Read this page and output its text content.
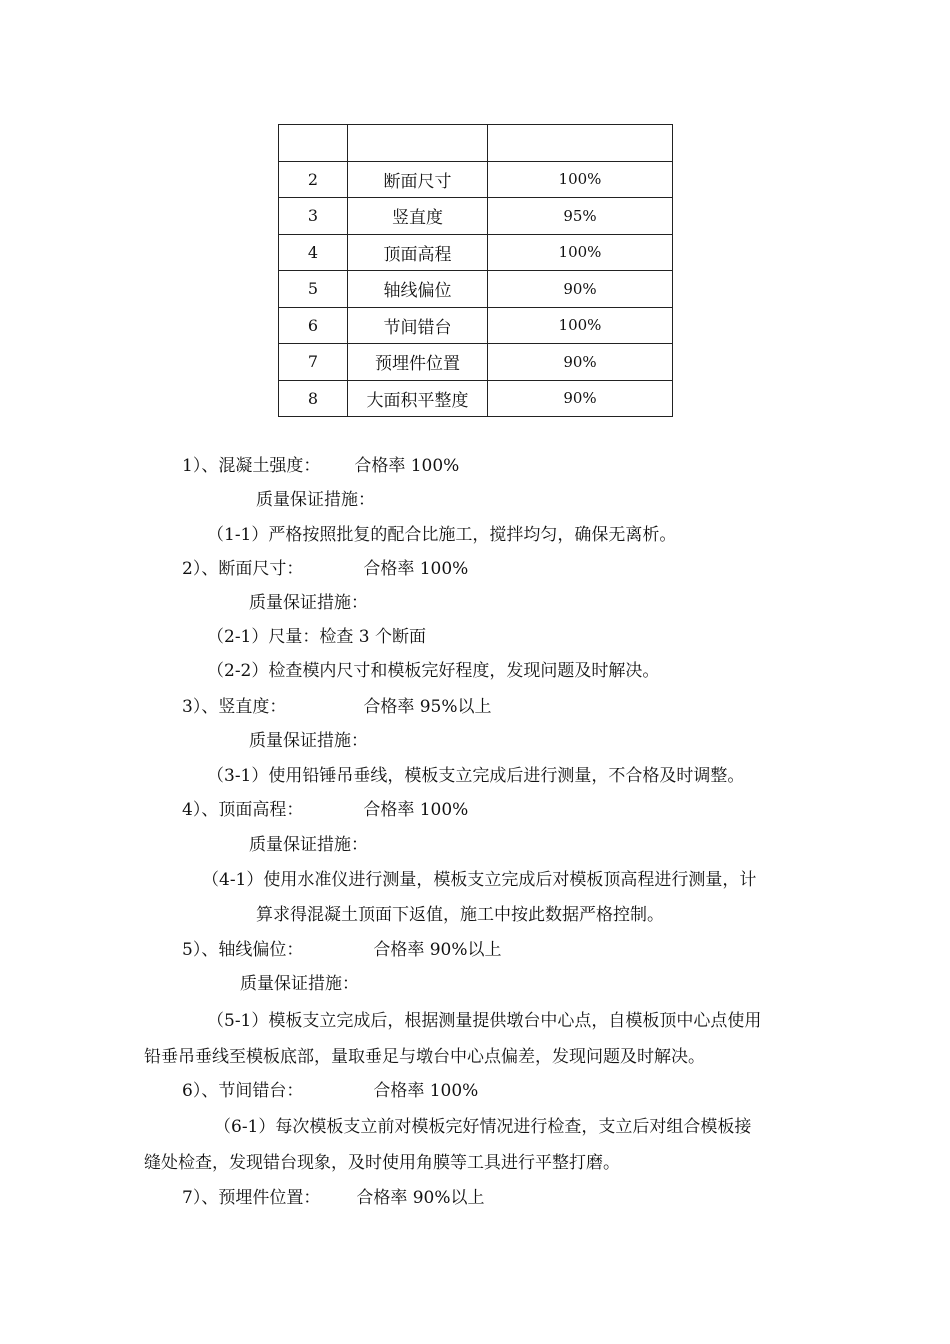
2	断面尺寸	100%
3	竖直度	95%
4	顶面高程	100%
5	轴线偏位	90%
6	节间错台	100%
7	预埋件位置	90%
8	大面积平整度	90%
1）、混凝土强度： 合格率 100%
质量保证措施：
（1-1）严格按照批复的配合比施工，搅拌均匀，确保无离析。
2）、断面尺寸：	合格率 100%
质量保证措施：
（2-1）尺量：检查 3 个断面
（2-2）检查模内尺寸和模板完好程度，发现问题及时解决。
3）、竖直度：	合格率 95%以上
质量保证措施：
（3-1）使用铅锤吊垂线，模板支立完成后进行测量，不合格及时调整。
4）、顶面高程：	合格率 100%
质量保证措施：
（4-1）使用水准仪进行测量，模板支立完成后对模板顶高程进行测量，计
算求得混凝土顶面下返值，施工中按此数据严格控制。
5）、轴线偏位：	合格率 90%以上
质量保证措施：
（5-1）模板支立完成后，根据测量提供墩台中心点，自模板顶中心点使用
铅垂吊垂线至模板底部，量取垂足与墩台中心点偏差，发现问题及时解决。
6）、节间错台：	合格率 100%
（6-1）每次模板支立前对模板完好情况进行检查，支立后对组合模板接
缝处检查，发现错台现象，及时使用角膜等工具进行平整打磨。
7）、预埋件位置： 合格率 90%以上
